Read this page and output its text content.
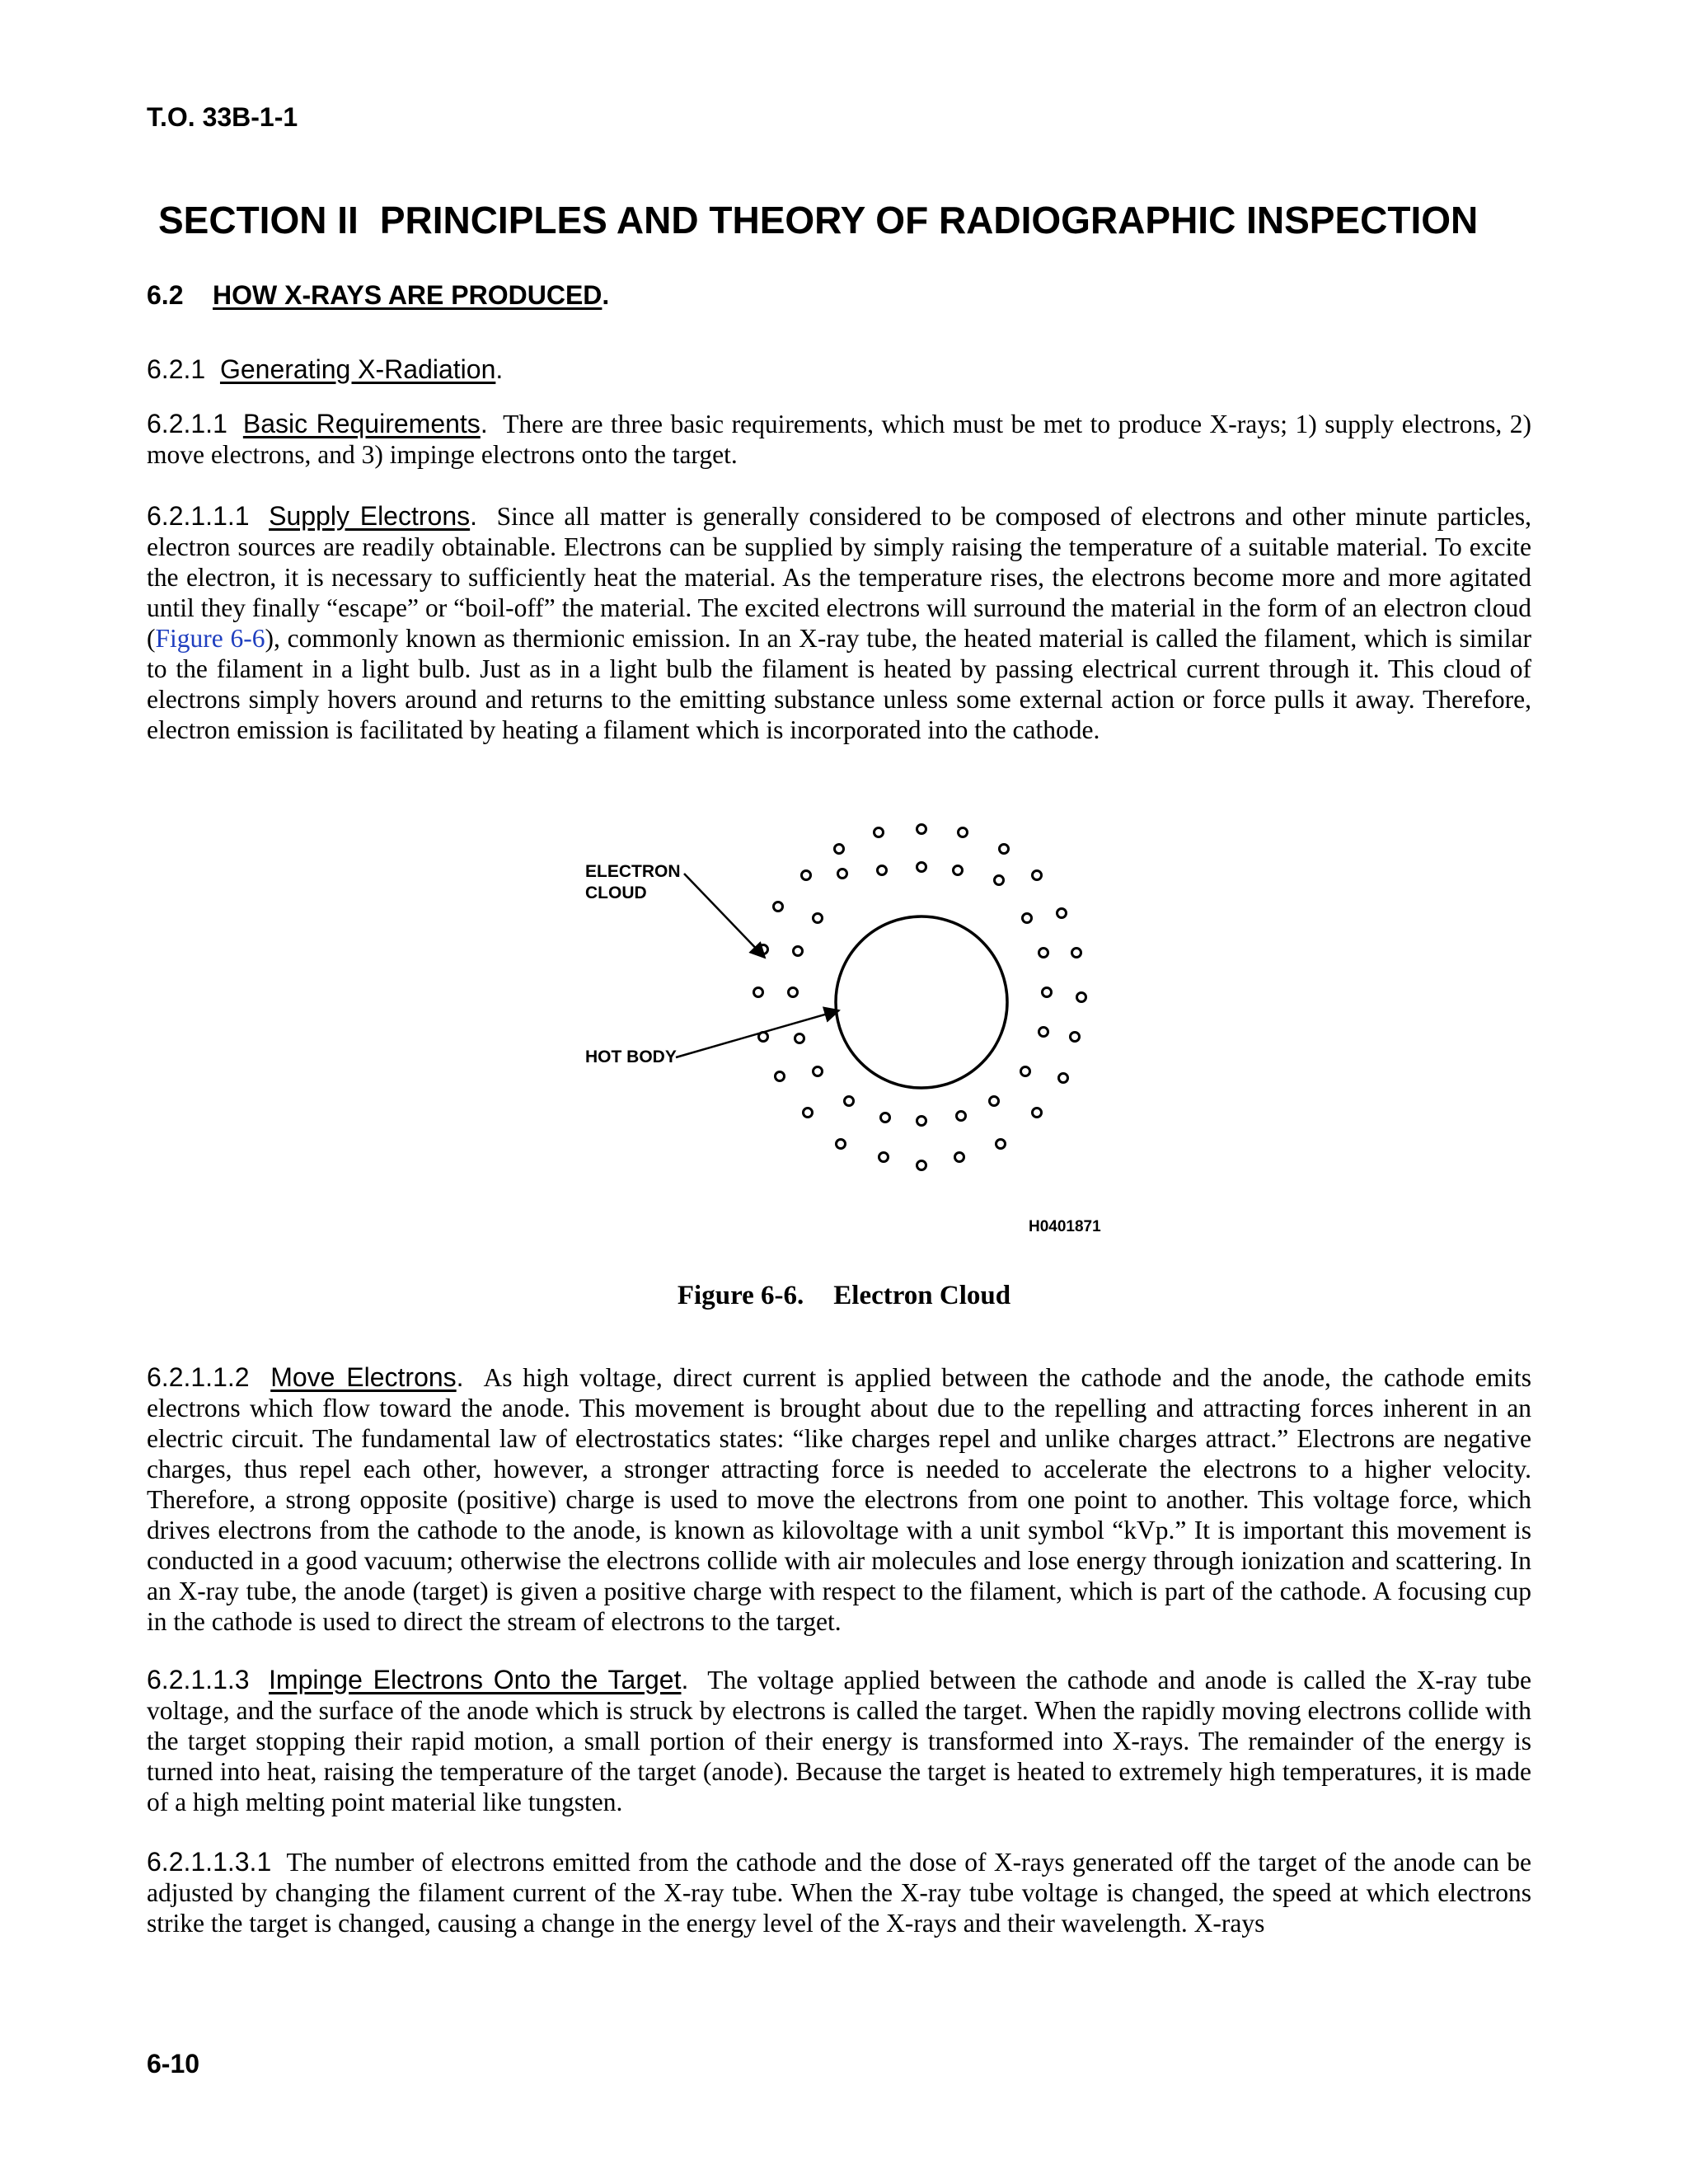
T.O. 33B-1-1
SECTION II PRINCIPLES AND THEORY OF RADIOGRAPHIC INSPECTION
6.2 HOW X-RAYS ARE PRODUCED.
6.2.1 Generating X-Radiation.

6.2.1.1 Basic Requirements. There are three basic requirements, which must be met to produce X-rays; 1) supply electrons, 2) move electrons, and 3) impinge electrons onto the target.

6.2.1.1.1 Supply Electrons. Since all matter is generally considered to be composed of electrons and other minute particles, electron sources are readily obtainable. Electrons can be supplied by simply raising the temperature of a suitable material. To excite the electron, it is necessary to sufficiently heat the material. As the temperature rises, the electrons become more and more agitated until they finally “escape” or “boil-off” the material. The excited electrons will surround the material in the form of an electron cloud (Figure 6-6), commonly known as thermionic emission. In an X-ray tube, the heated material is called the filament, which is similar to the filament in a light bulb. Just as in a light bulb the filament is heated by passing electrical current through it. This cloud of electrons simply hovers around and returns to the emitting substance unless some external action or force pulls it away. Therefore, electron emission is facilitated by heating a filament which is incorporated into the cathode.

ELECTRON
CLOUD
HOT BODY
H0401871
Figure 6-6. Electron Cloud

6.2.1.1.2 Move Electrons. As high voltage, direct current is applied between the cathode and the anode, the cathode emits electrons which flow toward the anode. This movement is brought about due to the repelling and attracting forces inherent in an electric circuit. The fundamental law of electrostatics states: “like charges repel and unlike charges attract.” Electrons are negative charges, thus repel each other, however, a stronger attracting force is needed to accelerate the electrons to a higher velocity. Therefore, a strong opposite (positive) charge is used to move the electrons from one point to another. This voltage force, which drives electrons from the cathode to the anode, is known as kilovoltage with a unit symbol “kVp.” It is important this movement is conducted in a good vacuum; otherwise the electrons collide with air molecules and lose energy through ionization and scattering. In an X-ray tube, the anode (target) is given a positive charge with respect to the filament, which is part of the cathode. A focusing cup in the cathode is used to direct the stream of electrons to the target.

6.2.1.1.3 Impinge Electrons Onto the Target. The voltage applied between the cathode and anode is called the X-ray tube voltage, and the surface of the anode which is struck by electrons is called the target. When the rapidly moving electrons collide with the target stopping their rapid motion, a small portion of their energy is transformed into X-rays. The remainder of the energy is turned into heat, raising the temperature of the target (anode). Because the target is heated to extremely high temperatures, it is made of a high melting point material like tungsten.

6.2.1.1.3.1 The number of electrons emitted from the cathode and the dose of X-rays generated off the target of the anode can be adjusted by changing the filament current of the X-ray tube. When the X-ray tube voltage is changed, the speed at which electrons strike the target is changed, causing a change in the energy level of the X-rays and their wavelength. X-rays

6-10
